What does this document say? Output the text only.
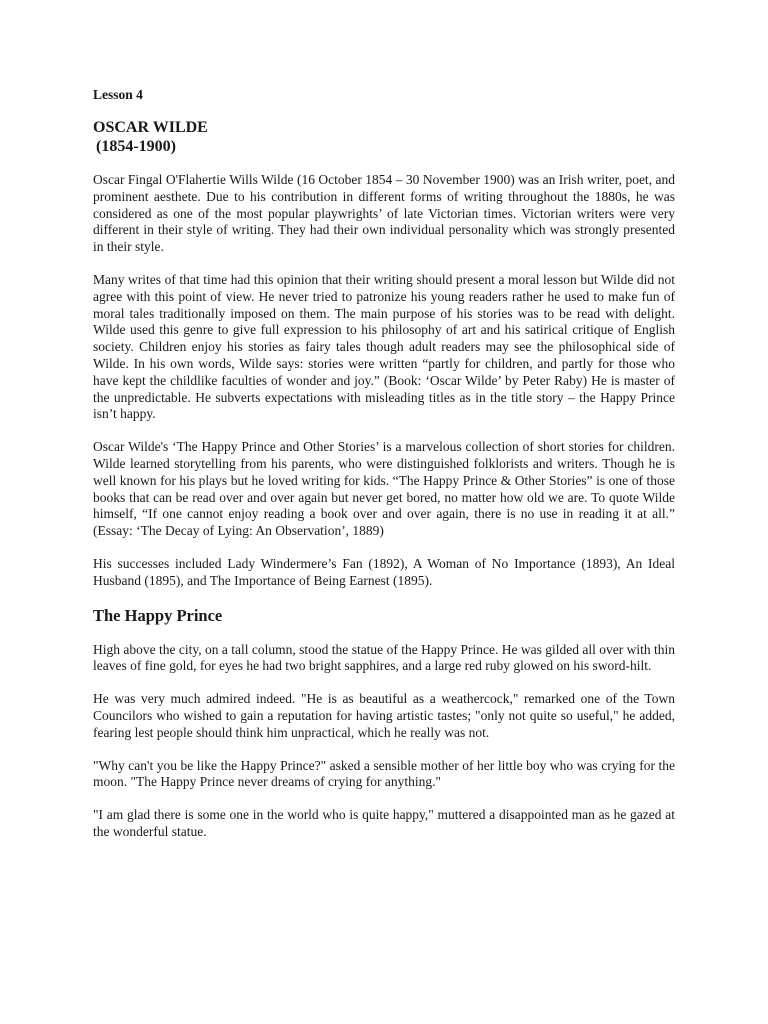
Lesson 4
OSCAR WILDE
(1854-1900)

Oscar Fingal O'Flahertie Wills Wilde (16 October 1854 – 30 November 1900) was an Irish writer, poet, and prominent aesthete. Due to his contribution in different forms of writing throughout the 1880s, he was considered as one of the most popular playwrights’ of late Victorian times. Victorian writers were very different in their style of writing. They had their own individual personality which was strongly presented in their style.

Many writes of that time had this opinion that their writing should present a moral lesson but Wilde did not agree with this point of view. He never tried to patronize his young readers rather he used to make fun of moral tales traditionally imposed on them. The main purpose of his stories was to be read with delight. Wilde used this genre to give full expression to his philosophy of art and his satirical critique of English society. Children enjoy his stories as fairy tales though adult readers may see the philosophical side of Wilde. In his own words, Wilde says: stories were written “partly for children, and partly for those who have kept the childlike faculties of wonder and joy.” (Book: ‘Oscar Wilde’ by Peter Raby) He is master of the unpredictable. He subverts expectations with misleading titles as in the title story – the Happy Prince isn’t happy.

Oscar Wilde's ‘The Happy Prince and Other Stories’ is a marvelous collection of short stories for children. Wilde learned storytelling from his parents, who were distinguished folklorists and writers. Though he is well known for his plays but he loved writing for kids. “The Happy Prince & Other Stories” is one of those books that can be read over and over again but never get bored, no matter how old we are. To quote Wilde himself, “If one cannot enjoy reading a book over and over again, there is no use in reading it at all.” (Essay: ‘The Decay of Lying: An Observation’, 1889)

His successes included Lady Windermere’s Fan (1892), A Woman of No Importance (1893), An Ideal Husband (1895), and The Importance of Being Earnest (1895).

The Happy Prince

High above the city, on a tall column, stood the statue of the Happy Prince. He was gilded all over with thin leaves of fine gold, for eyes he had two bright sapphires, and a large red ruby glowed on his sword-hilt.

He was very much admired indeed. "He is as beautiful as a weathercock," remarked one of the Town Councilors who wished to gain a reputation for having artistic tastes; "only not quite so useful," he added, fearing lest people should think him unpractical, which he really was not.

"Why can't you be like the Happy Prince?" asked a sensible mother of her little boy who was crying for the moon. "The Happy Prince never dreams of crying for anything."

"I am glad there is some one in the world who is quite happy," muttered a disappointed man as he gazed at the wonderful statue.
